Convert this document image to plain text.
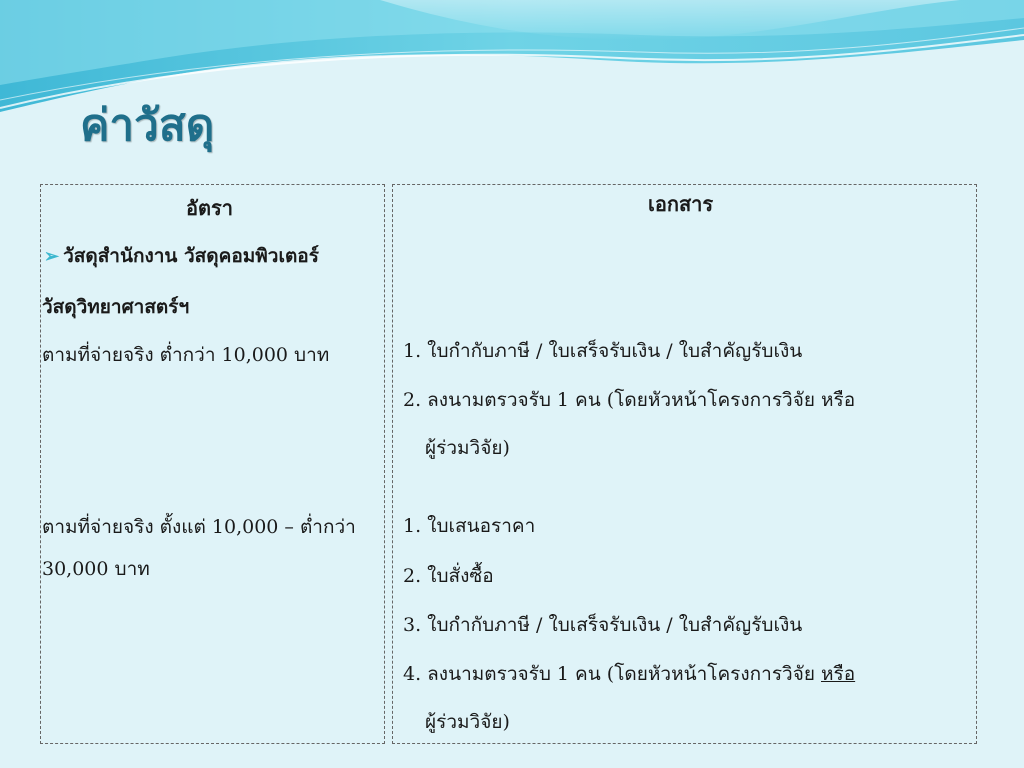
ค่าวัสดุ
อัตรา
➢ วัสดุสำนักงาน วัสดุคอมพิวเตอร์
วัสดุวิทยาศาสตร์ฯ
ตามที่จ่ายจริง ต่ำกว่า 10,000 บาท
ตามที่จ่ายจริง ตั้งแต่ 10,000 – ต่ำกว่า
30,000 บาท
เอกสาร
1. ใบกำกับภาษี / ใบเสร็จรับเงิน / ใบสำคัญรับเงิน
2. ลงนามตรวจรับ 1 คน (โดยหัวหน้าโครงการวิจัย หรือ
ผู้ร่วมวิจัย)
1. ใบเสนอราคา
2. ใบสั่งซื้อ
3. ใบกำกับภาษี / ใบเสร็จรับเงิน / ใบสำคัญรับเงิน
4. ลงนามตรวจรับ 1 คน (โดยหัวหน้าโครงการวิจัย หรือ
ผู้ร่วมวิจัย)
